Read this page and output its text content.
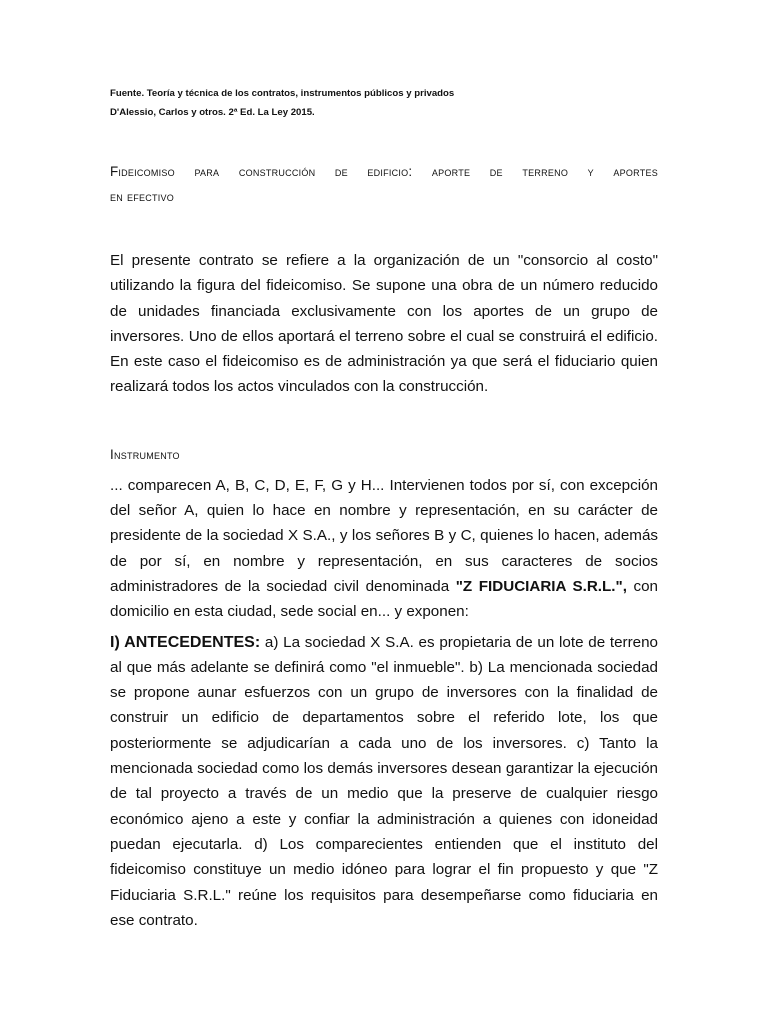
Fuente. Teoría y técnica de los contratos, instrumentos públicos y privados

D'Alessio, Carlos y otros. 2ª Ed. La Ley 2015.

Fideicomiso para construcción de edificio: aporte de terreno y aportes
en efectivo

El presente contrato se refiere a la organización de un "consorcio al costo" utilizando la figura del fideicomiso. Se supone una obra de un número reducido de unidades financiada exclusivamente con los aportes de un grupo de inversores. Uno de ellos aportará el terreno sobre el cual se construirá el edificio. En este caso el fideicomiso es de administración ya que será el fiduciario quien realizará todos los actos vinculados con la construcción.

Instrumento

... comparecen A, B, C, D, E, F, G y H... Intervienen todos por sí, con excepción del señor A, quien lo hace en nombre y representación, en su carácter de presidente de la sociedad X S.A., y los señores B y C, quienes lo hacen, además de por sí, en nombre y representación, en sus caracteres de socios administradores de la sociedad civil denominada "Z FIDUCIARIA S.R.L.", con domicilio en esta ciudad, sede social en... y exponen:

I) ANTECEDENTES: a) La sociedad X S.A. es propietaria de un lote de terreno al que más adelante se definirá como "el inmueble". b) La mencionada sociedad se propone aunar esfuerzos con un grupo de inversores con la finalidad de construir un edificio de departamentos sobre el referido lote, los que posteriormente se adjudicarían a cada uno de los inversores. c) Tanto la mencionada sociedad como los demás inversores desean garantizar la ejecución de tal proyecto a través de un medio que la preserve de cualquier riesgo económico ajeno a este y confiar la administración a quienes con idoneidad puedan ejecutarla. d) Los comparecientes entienden que el instituto del fideicomiso constituye un medio idóneo para lograr el fin propuesto y que "Z Fiduciaria S.R.L." reúne los requisitos para desempeñarse como fiduciaria en ese contrato.
